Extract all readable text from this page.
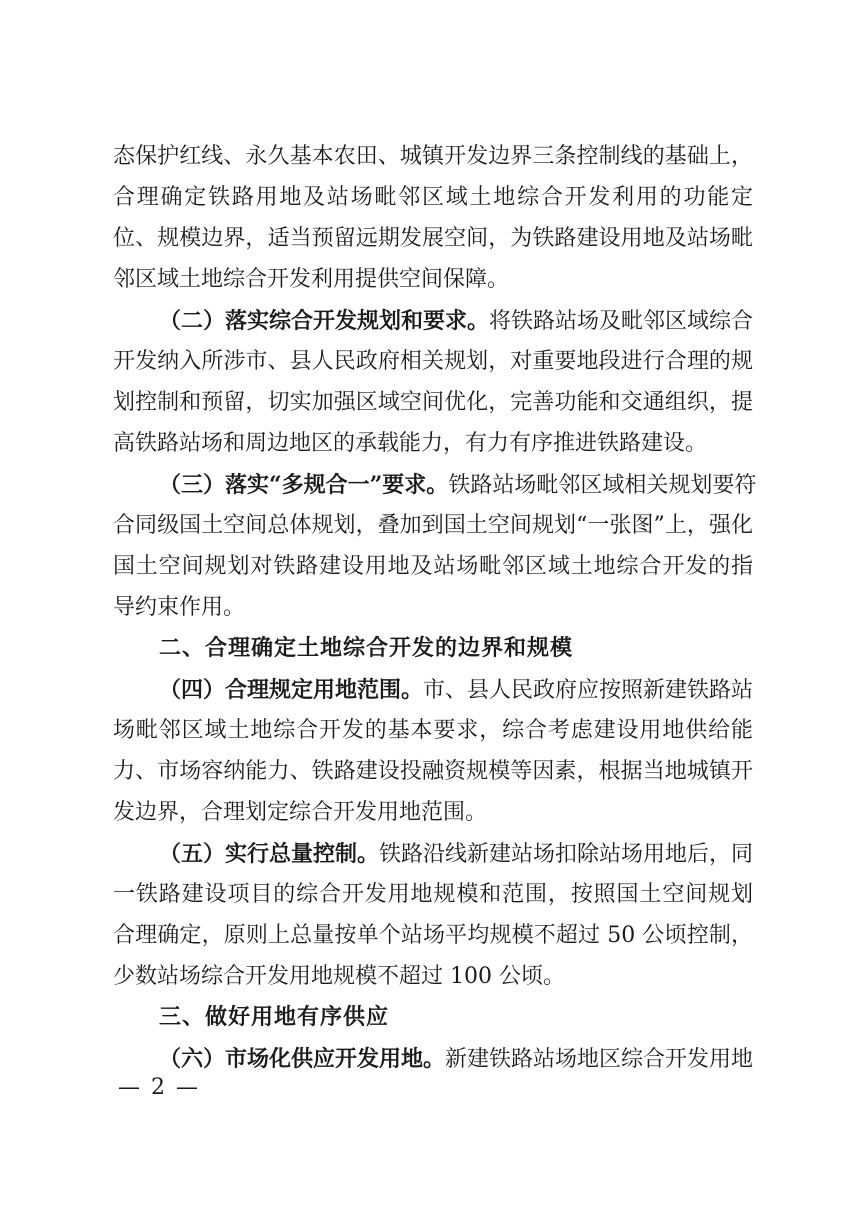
态保护红线、永久基本农田、城镇开发边界三条控制线的基础上，
合理确定铁路用地及站场毗邻区域土地综合开发利用的功能定
位、规模边界，适当预留远期发展空间，为铁路建设用地及站场毗
邻区域土地综合开发利用提供空间保障。
（二）落实综合开发规划和要求。将铁路站场及毗邻区域综合
开发纳入所涉市、县人民政府相关规划，对重要地段进行合理的规
划控制和预留，切实加强区域空间优化，完善功能和交通组织，提
高铁路站场和周边地区的承载能力，有力有序推进铁路建设。
（三）落实“多规合一”要求。铁路站场毗邻区域相关规划要符
合同级国土空间总体规划，叠加到国土空间规划“一张图”上，强化
国土空间规划对铁路建设用地及站场毗邻区域土地综合开发的指
导约束作用。
二、合理确定土地综合开发的边界和规模
（四）合理规定用地范围。市、县人民政府应按照新建铁路站
场毗邻区域土地综合开发的基本要求，综合考虑建设用地供给能
力、市场容纳能力、铁路建设投融资规模等因素，根据当地城镇开
发边界，合理划定综合开发用地范围。
（五）实行总量控制。铁路沿线新建站场扣除站场用地后，同
一铁路建设项目的综合开发用地规模和范围，按照国土空间规划
合理确定，原则上总量按单个站场平均规模不超过 50 公顷控制，
少数站场综合开发用地规模不超过 100 公顷。
三、做好用地有序供应
（六）市场化供应开发用地。新建铁路站场地区综合开发用地
— 2 —
